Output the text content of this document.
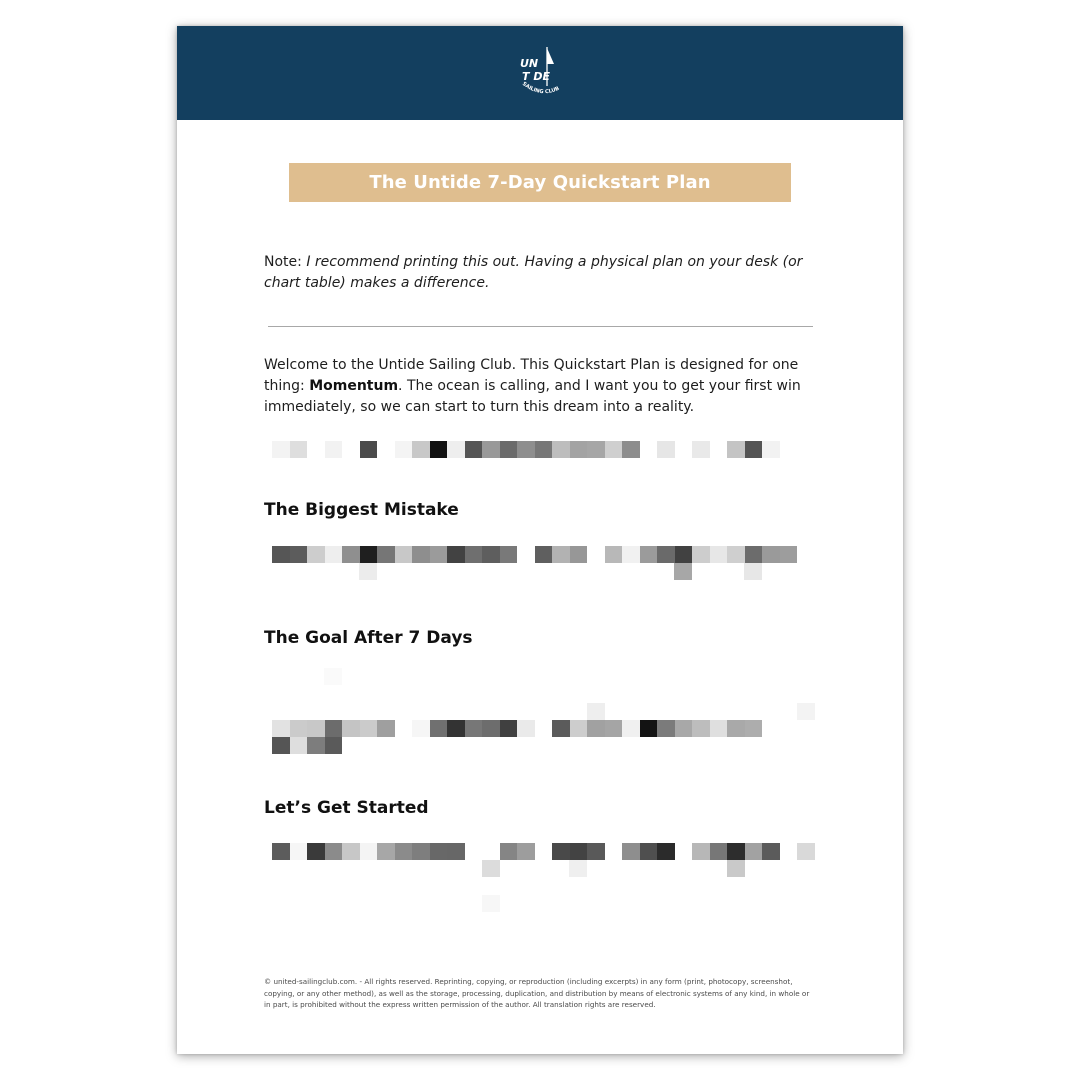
UN
T DE
SAILING CLUB
The Untide 7-Day Quickstart Plan
Note: I recommend printing this out. Having a physical plan on your desk (or chart table) makes a difference.
Welcome to the Untide Sailing Club. This Quickstart Plan is designed for one thing: Momentum. The ocean is calling, and I want you to get your first win immediately, so we can start to turn this dream into a reality.
The Biggest Mistake
The Goal After 7 Days
Let’s Get Started
© united-sailingclub.com. - All rights reserved. Reprinting, copying, or reproduction (including excerpts) in any form (print, photocopy, screenshot, copying, or any other method), as well as the storage, processing, duplication, and distribution by means of electronic systems of any kind, in whole or in part, is prohibited without the express written permission of the author. All translation rights are reserved.
